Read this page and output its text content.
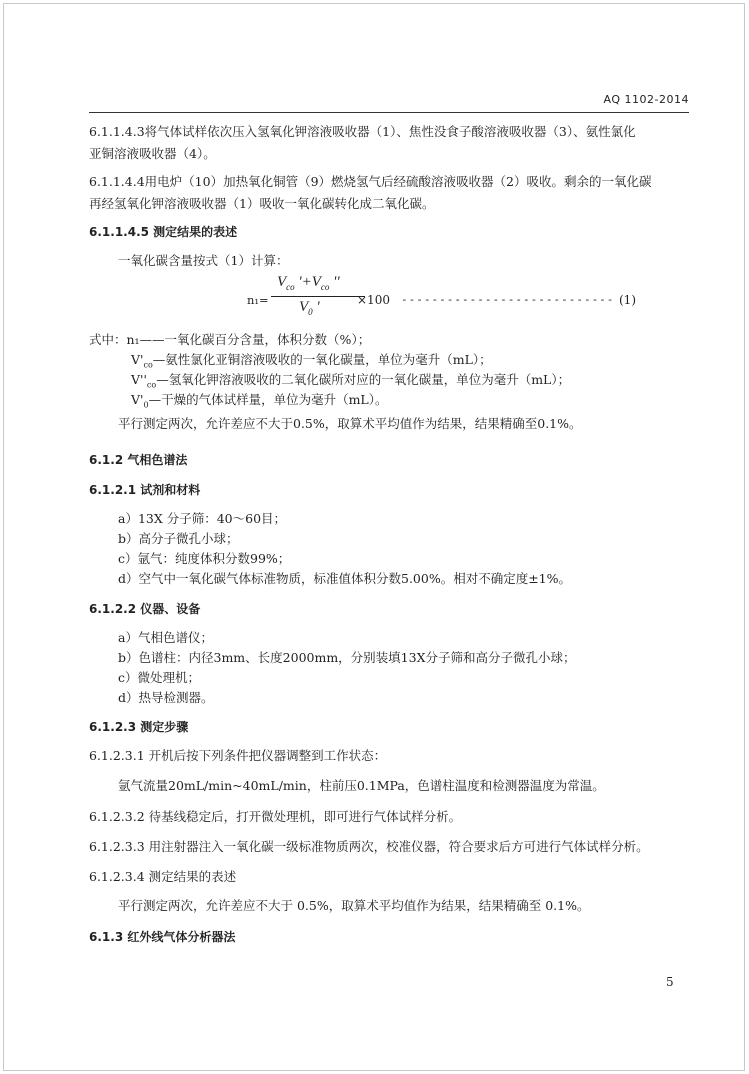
AQ 1102-2014
6.1.1.4.3将气体试样依次压入氢氧化钾溶液吸收器（1）、焦性没食子酸溶液吸收器（3）、氨性氯化
亚铜溶液吸收器（4）。
6.1.1.4.4用电炉（10）加热氧化铜管（9）燃烧氢气后经硫酸溶液吸收器（2）吸收。剩余的一氧化碳
再经氢氧化钾溶液吸收器（1）吸收一氧化碳转化成二氧化碳。
6.1.1.4.5 测定结果的表述
一氧化碳含量按式（1）计算：
n₁=
$V_{co}$ '$+V_{co}$ ''
$V_0$ '	×100 ---------------------------- (1)
式中：n₁——一氧化碳百分含量，体积分数（%）；
$V'_{co}—$氨性氯化亚铜溶液吸收的一氧化碳量，单位为毫升（mL）；
$V''_{co}—$氢氧化钾溶液吸收的二氧化碳所对应的一氧化碳量，单位为毫升（mL）；
$V'_0—$干燥的气体试样量，单位为毫升（mL）。
平行测定两次，允许差应不大于0.5%，取算术平均值作为结果，结果精确至0.1%。
6.1.2 气相色谱法
6.1.2.1 试剂和材料
a）13X 分子筛：40～60目；
b）高分子微孔小球；
c）氩气：纯度体积分数99%；
d）空气中一氧化碳气体标准物质，标准值体积分数5.00%。相对不确定度±1%。
6.1.2.2 仪器、设备
a）气相色谱仪；
b）色谱柱：内径3mm、长度2000mm，分别装填13X分子筛和高分子微孔小球；
c）微处理机；
d）热导检测器。
6.1.2.3 测定步骤
6.1.2.3.1 开机后按下列条件把仪器调整到工作状态：
氩气流量20mL/min~40mL/min，柱前压0.1MPa，色谱柱温度和检测器温度为常温。
6.1.2.3.2 待基线稳定后，打开微处理机，即可进行气体试样分析。
6.1.2.3.3 用注射器注入一氧化碳一级标准物质两次，校准仪器，符合要求后方可进行气体试样分析。
6.1.2.3.4 测定结果的表述
平行测定两次，允许差应不大于 0.5%，取算术平均值作为结果，结果精确至 0.1%。
6.1.3 红外线气体分析器法
5
